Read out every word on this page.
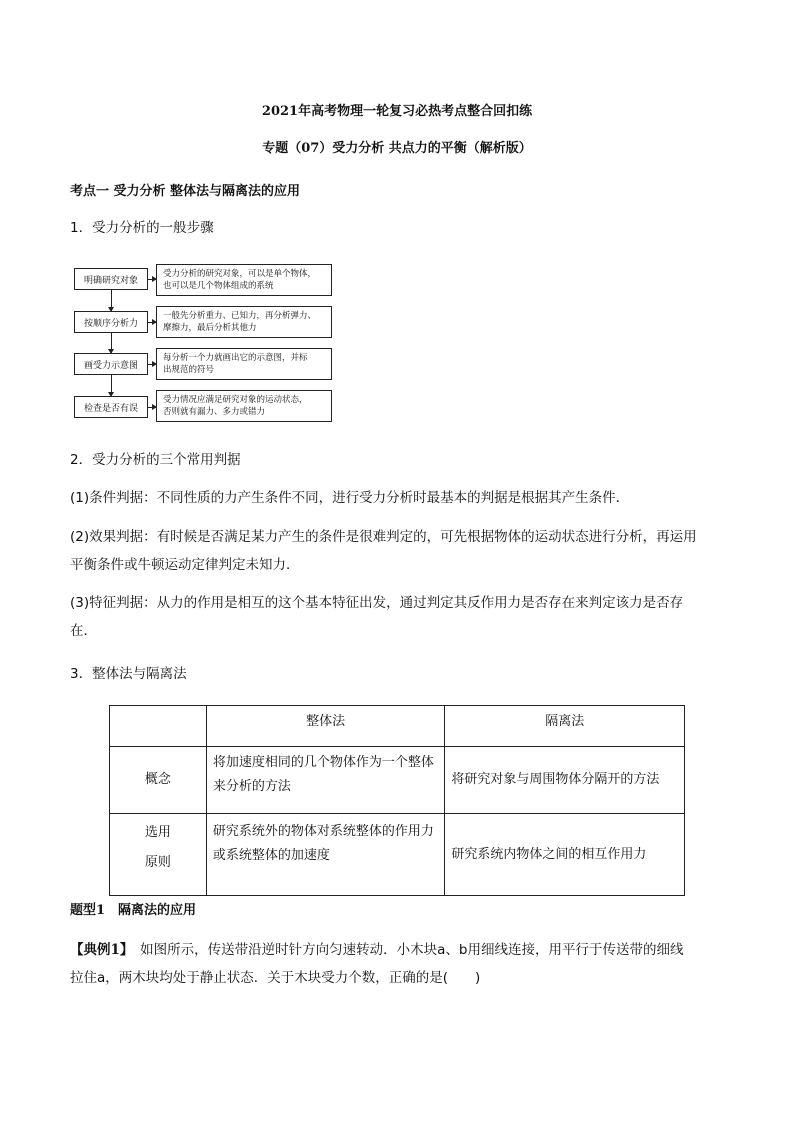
2021年高考物理一轮复习必热考点整合回扣练
专题（07）受力分析 共点力的平衡（解析版）
考点一 受力分析 整体法与隔离法的应用
1．受力分析的一般步骤
明确研究对象
受力分析的研究对象，可以是单个物体，
也可以是几个物体组成的系统
按顺序分析力
一般先分析重力、已知力，再分析弹力、
摩擦力，最后分析其他力
画受力示意图
每分析一个力就画出它的示意图，并标
出规范的符号
检查是否有误
受力情况应满足研究对象的运动状态，
否则就有漏力、多力或错力
2．受力分析的三个常用判据
(1)条件判据：不同性质的力产生条件不同，进行受力分析时最基本的判据是根据其产生条件．
(2)效果判据：有时候是否满足某力产生的条件是很难判定的，可先根据物体的运动状态进行分析，再运用
平衡条件或牛顿运动定律判定未知力．
(3)特征判据：从力的作用是相互的这个基本特征出发，通过判定其反作用力是否存在来判定该力是否存
在．
3．整体法与隔离法

	整体法	隔离法

概念	将加速度相同的几个物体作为一个整体来分析的方法	将研究对象与周围物体分隔开的方法

选用
原则	研究系统外的物体对系统整体的作用力或系统整体的加速度	研究系统内物体之间的相互作用力
题型1　隔离法的应用
【典例1】　如图所示，传送带沿逆时针方向匀速转动．小木块a、b用细线连接，用平行于传送带的细线
拉住a，两木块均处于静止状态．关于木块受力个数，正确的是(　　)
